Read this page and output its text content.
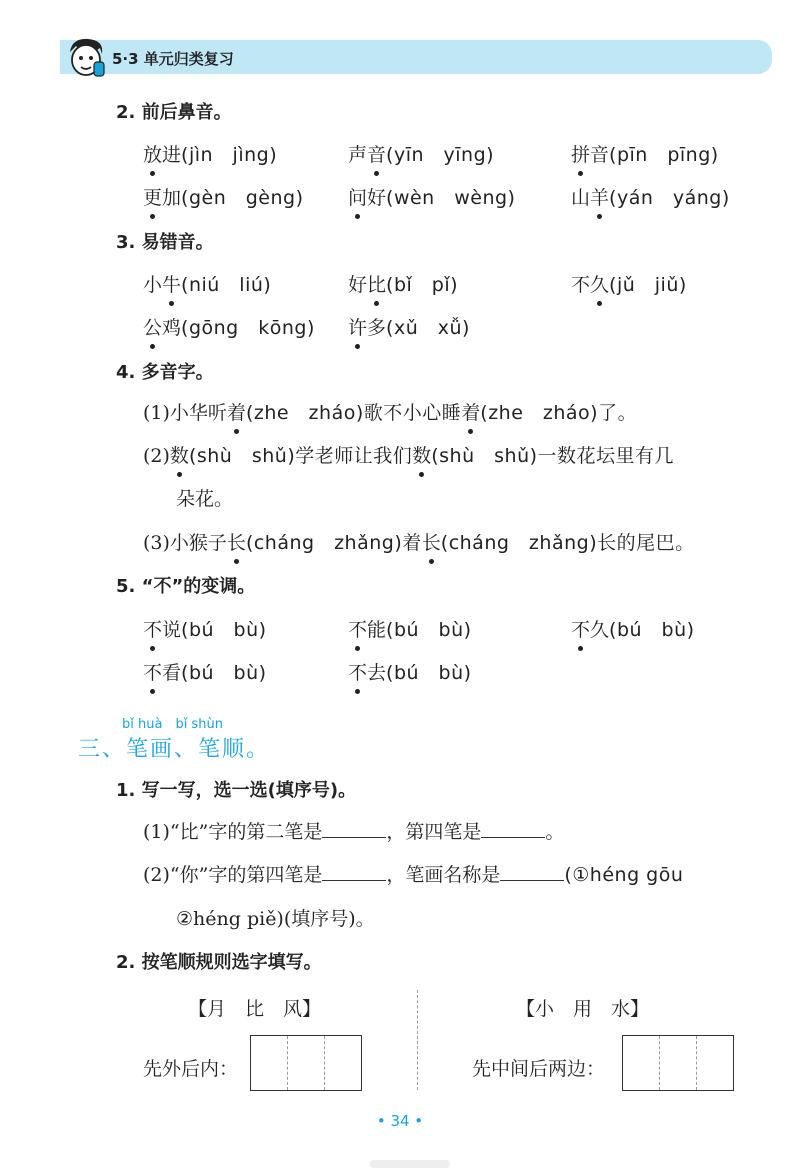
5·3 单元归类复习
2. 前后鼻音。
放进(jìn　jìng)	声音(yīn　yīng)	拼音(pīn　pīng)
更加(gèn　gèng) 问好(wèn　wèng)	山羊(yán　yáng)
3. 易错音。
小牛(niú　liú)	好比(bǐ　pǐ)	不久(jǔ　jiǔ)
公鸡(gōng　kōng) 许多(xǔ　xǚ)
4. 多音字。
(1)小华听着(zhe　zháo)歌不小心睡着(zhe　zháo)了。
(2)数(shù　shǔ)学老师让我们数(shù　shǔ)一数花坛里有几
朵花。
(3)小猴子长(cháng　zhǎng)着长(cháng　zhǎng)长的尾巴。
5. “不”的变调。
不说(bú　bù)	不能(bú　bù)	不久(bú　bù)
不看(bú　bù)	不去(bú　bù)
bǐ huà　bǐ shùn
三、笔画、笔顺。
1. 写一写，选一选(填序号)。
(1)“比”字的第二笔是	，第四笔是	。
(2)“你”字的第四笔是	，笔画名称是	(①héng gōu
②héng piě)(填序号)。
2. 按笔顺规则选字填写。
【月　比　风】	【小　用　水】
先外后内：	先中间后两边：
• 34 •
